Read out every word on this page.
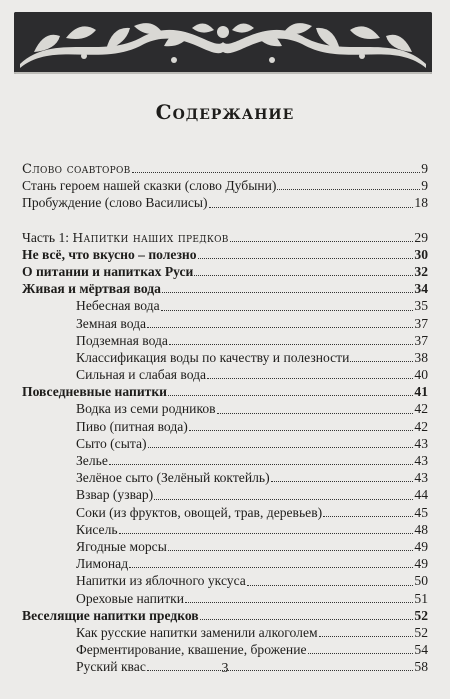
Содержание
Слово соавторов	9
Стань героем нашей сказки (слово Дубыни)	9
Пробуждение (слово Василисы)	18
Часть 1: Напитки наших предков	29
Не всё, что вкусно – полезно	30
О питании и напитках Руси	32
Живая и мёртвая вода	34
Небесная вода	35
Земная вода	37
Подземная вода	37
Классификация воды по качеству и полезности	38
Сильная и слабая вода	40
Повседневные напитки	41
Водка из семи родников	42
Пиво (питная вода)	42
Сыто (сыта)	43
Зелье	43
Зелёное сыто (Зелёный коктейль)	43
Взвар (узвар)	44
Соки (из фруктов, овощей, трав, деревьев)	45
Кисель	48
Ягодные морсы	49
Лимонад	49
Напитки из яблочного уксуса	50
Ореховые напитки	51
Веселящие напитки предков	52
Как русские напитки заменили алкоголем	52
Ферментирование, квашение, брожение	54
Руский квас	58
3
